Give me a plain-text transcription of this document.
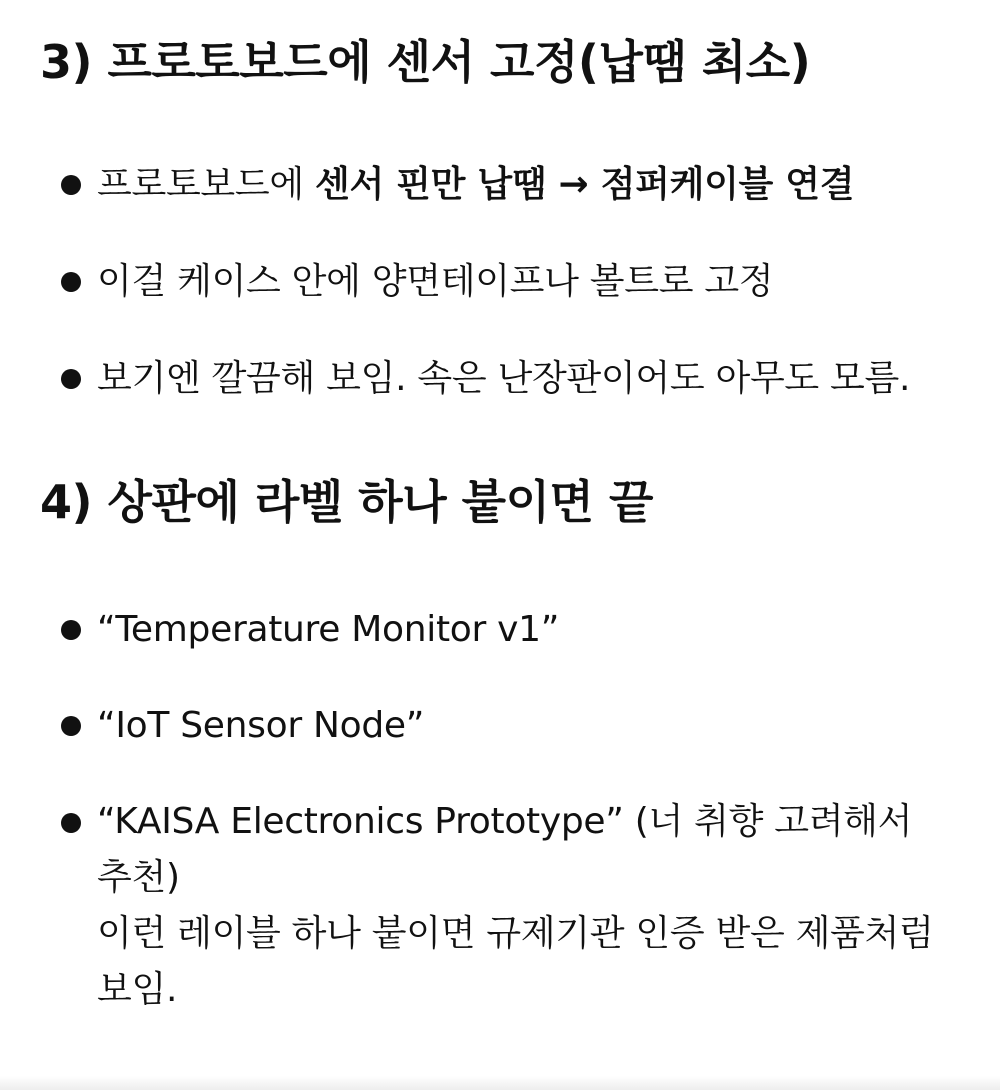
3) 프로토보드에 센서 고정(납땜 최소)
프로토보드에 센서 핀만 납땜 → 점퍼케이블 연결
이걸 케이스 안에 양면테이프나 볼트로 고정
보기엔 깔끔해 보임. 속은 난장판이어도 아무도 모름.
4) 상판에 라벨 하나 붙이면 끝
“Temperature Monitor v1”
“IoT Sensor Node”
“KAISA Electronics Prototype” (너 취향 고려해서
추천)
이런 레이블 하나 붙이면 규제기관 인증 받은 제품처럼
보임.
